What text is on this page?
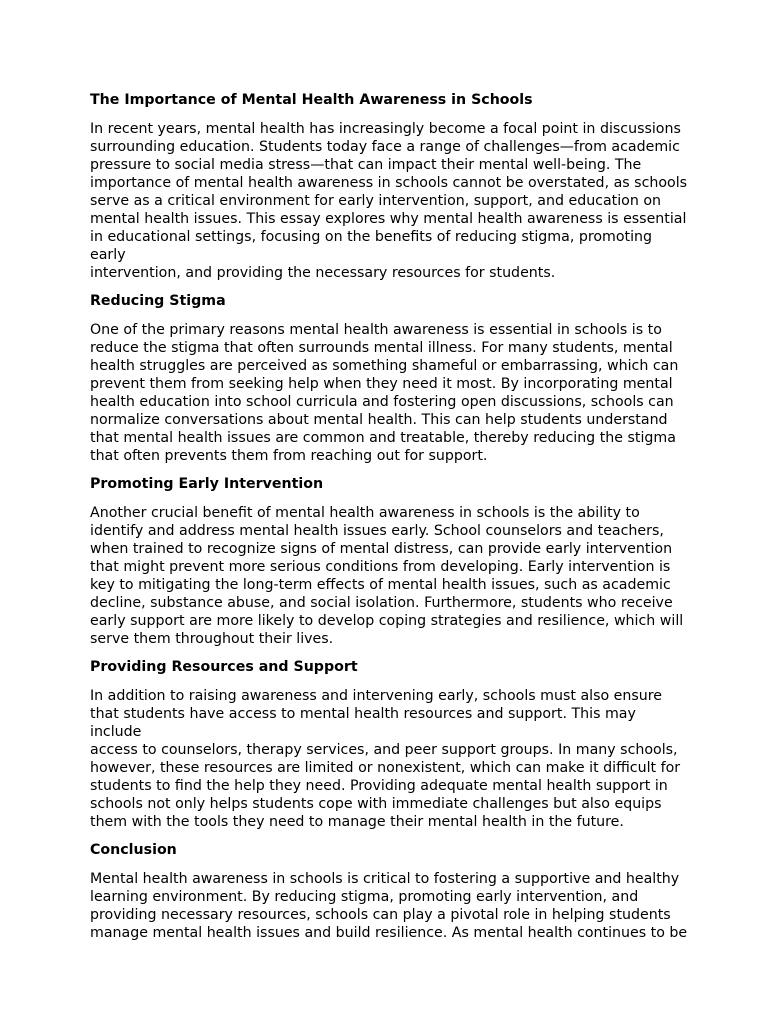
The Importance of Mental Health Awareness in Schools
In recent years, mental health has increasingly become a focal point in discussions
surrounding education. Students today face a range of challenges—from academic
pressure to social media stress—that can impact their mental well-being. The
importance of mental health awareness in schools cannot be overstated, as schools
serve as a critical environment for early intervention, support, and education on
mental health issues. This essay explores why mental health awareness is essential
in educational settings, focusing on the benefits of reducing stigma, promoting early
intervention, and providing the necessary resources for students.
Reducing Stigma
One of the primary reasons mental health awareness is essential in schools is to
reduce the stigma that often surrounds mental illness. For many students, mental
health struggles are perceived as something shameful or embarrassing, which can
prevent them from seeking help when they need it most. By incorporating mental
health education into school curricula and fostering open discussions, schools can
normalize conversations about mental health. This can help students understand
that mental health issues are common and treatable, thereby reducing the stigma
that often prevents them from reaching out for support.
Promoting Early Intervention
Another crucial benefit of mental health awareness in schools is the ability to
identify and address mental health issues early. School counselors and teachers,
when trained to recognize signs of mental distress, can provide early intervention
that might prevent more serious conditions from developing. Early intervention is
key to mitigating the long-term effects of mental health issues, such as academic
decline, substance abuse, and social isolation. Furthermore, students who receive
early support are more likely to develop coping strategies and resilience, which will
serve them throughout their lives.
Providing Resources and Support
In addition to raising awareness and intervening early, schools must also ensure
that students have access to mental health resources and support. This may include
access to counselors, therapy services, and peer support groups. In many schools,
however, these resources are limited or nonexistent, which can make it difficult for
students to find the help they need. Providing adequate mental health support in
schools not only helps students cope with immediate challenges but also equips
them with the tools they need to manage their mental health in the future.
Conclusion
Mental health awareness in schools is critical to fostering a supportive and healthy
learning environment. By reducing stigma, promoting early intervention, and
providing necessary resources, schools can play a pivotal role in helping students
manage mental health issues and build resilience. As mental health continues to be
